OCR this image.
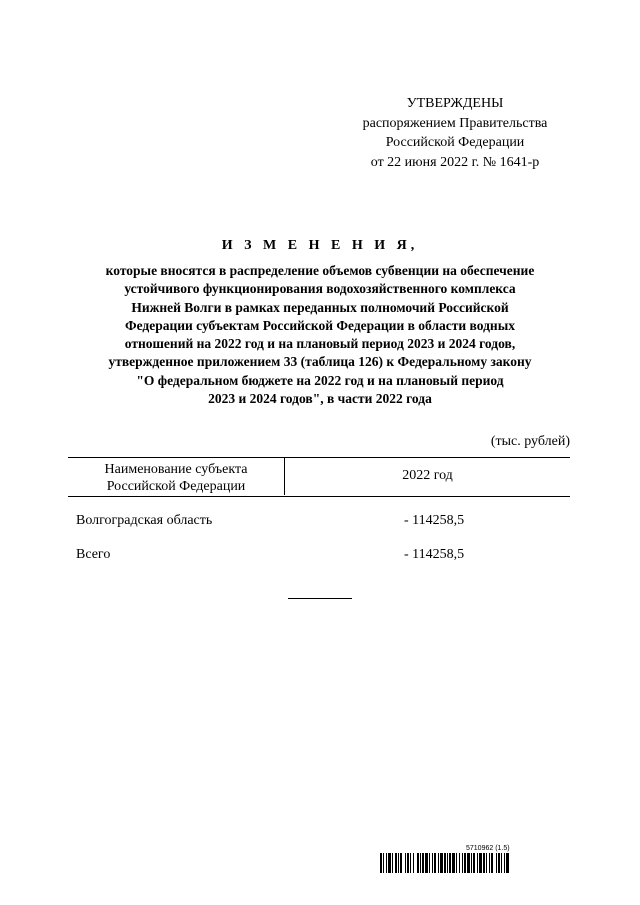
УТВЕРЖДЕНЫ
распоряжением Правительства
Российской Федерации
от 22 июня 2022 г. № 1641-р
И З М Е Н Е Н И Я,
которые вносятся в распределение объемов субвенции на обеспечение
устойчивого функционирования водохозяйственного комплекса
Нижней Волги в рамках переданных полномочий Российской
Федерации субъектам Российской Федерации в области водных
отношений на 2022 год и на плановый период 2023 и 2024 годов,
утвержденное приложением 33 (таблица 126) к Федеральному закону
"О федеральном бюджете на 2022 год и на плановый период
2023 и 2024 годов", в части 2022 года
(тыс. рублей)
Наименование субъекта
Российской Федерации
2022 год
Волгоградская область	- 114258,5
Всего	- 114258,5
5710962 (1.5)
